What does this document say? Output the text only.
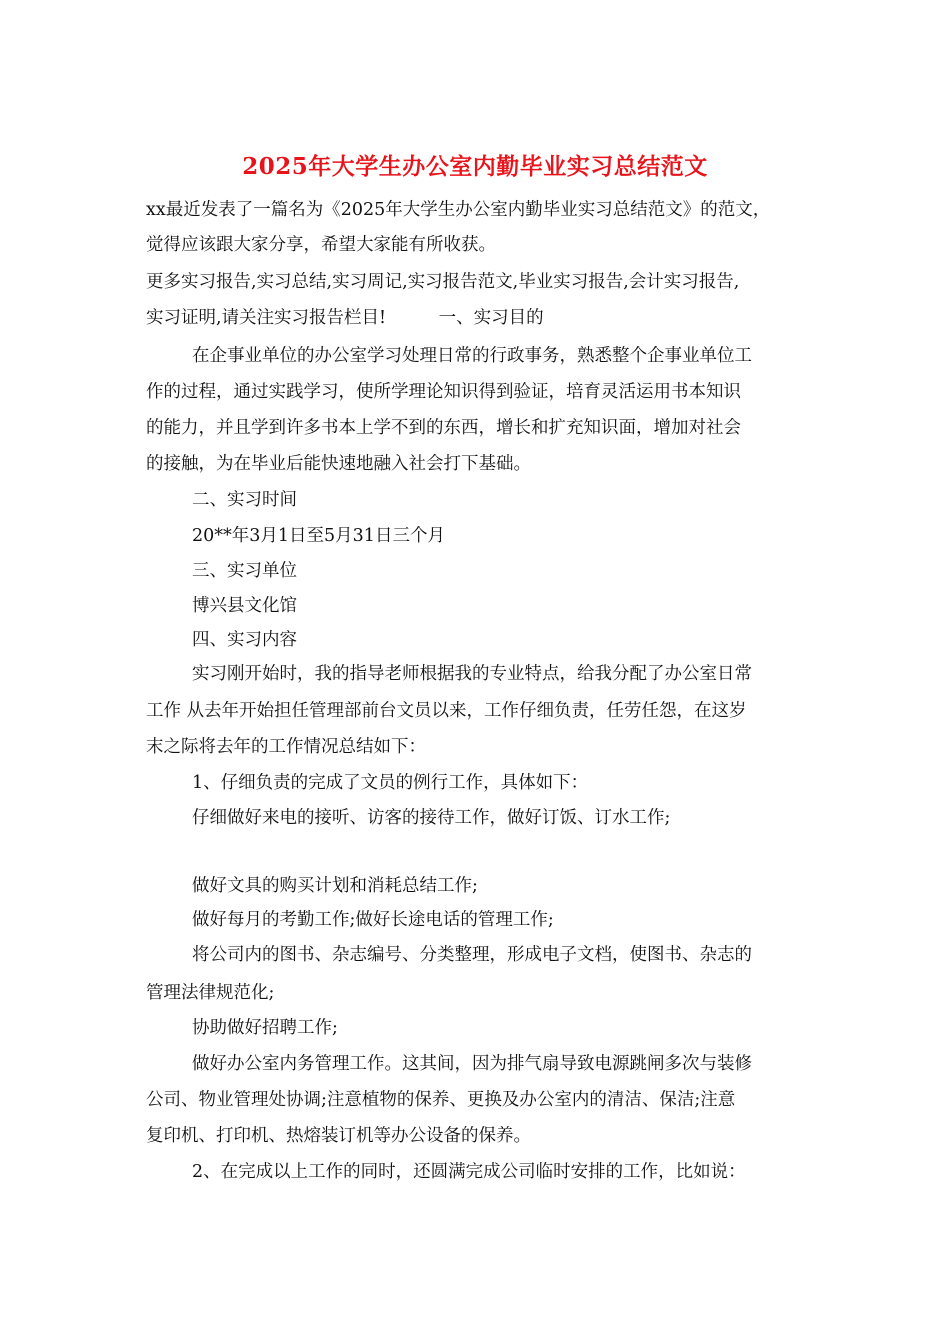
2025年大学生办公室内勤毕业实习总结范文
xx最近发表了一篇名为《2025年大学生办公室内勤毕业实习总结范文》的范文，
觉得应该跟大家分享，希望大家能有所收获。
更多实习报告,实习总结,实习周记,实习报告范文,毕业实习报告,会计实习报告,
实习证明,请关注实习报告栏目!　　　一、实习目的
在企事业单位的办公室学习处理日常的行政事务，熟悉整个企事业单位工
作的过程，通过实践学习，使所学理论知识得到验证，培育灵活运用书本知识
的能力，并且学到许多书本上学不到的东西，增长和扩充知识面，增加对社会
的接触，为在毕业后能快速地融入社会打下基础。
二、实习时间
20**年3月1日至5月31日三个月
三、实习单位
博兴县文化馆
四、实习内容
实习刚开始时，我的指导老师根据我的专业特点，给我分配了办公室日常
工作 从去年开始担任管理部前台文员以来，工作仔细负责，任劳任怨，在这岁
末之际将去年的工作情况总结如下：
1、仔细负责的完成了文员的例行工作，具体如下：
仔细做好来电的接听、访客的接待工作，做好订饭、订水工作;
做好文具的购买计划和消耗总结工作;
做好每月的考勤工作;做好长途电话的管理工作;
将公司内的图书、杂志编号、分类整理，形成电子文档，使图书、杂志的
管理法律规范化;
协助做好招聘工作;
做好办公室内务管理工作。这其间，因为排气扇导致电源跳闸多次与装修
公司、物业管理处协调;注意植物的保养、更换及办公室内的清洁、保洁;注意
复印机、打印机、热熔装订机等办公设备的保养。
2、在完成以上工作的同时，还圆满完成公司临时安排的工作，比如说：
